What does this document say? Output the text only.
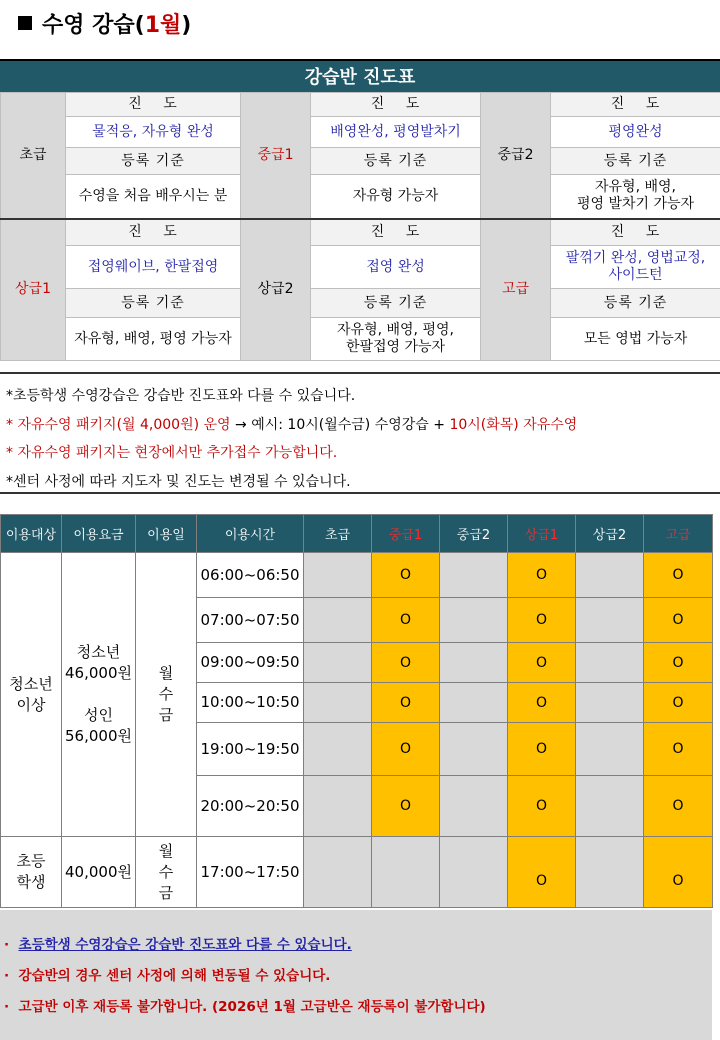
수영 강습(1월)
강습반 진도표
초급	진　 도	중급1	진　 도	중급2	진　 도
	물적응, 자유형 완성		배영완성, 평영발차기		평영완성
	등록 기준		등록 기준		등록 기준
	수영을 처음 배우시는 분		자유형 가능자		자유형, 배영,
평영 발차기 가능자
상급1	진　 도	상급2	진　 도	고급	진　 도
	접영웨이브, 한팔접영		접영 완성		팔꺾기 완성, 영법교정,
사이드턴
	등록 기준		등록 기준		등록 기준
	자유형, 배영, 평영 가능자		자유형, 배영, 평영,
한팔접영 가능자		모든 영법 가능자
*초등학생 수영강습은 강습반 진도표와 다를 수 있습니다.
* 자유수영 패키지(월 4,000원) 운영 → 예시: 10시(월수금) 수영강습 + 10시(화목) 자유수영
* 자유수영 패키지는 현장에서만 추가접수 가능합니다.
*센터 사정에 따라 지도자 및 진도는 변경될 수 있습니다.
이용대상	이용요금	이용일	이용시간	초급	중급1	중급2	상급1	상급2	고급
청소년
이상	청소년
46,000원

성인
56,000원	월
수
금	06:00~06:50		O		O		O
			07:00~07:50		O		O		O
			09:00~09:50		O		O		O
			10:00~10:50		O		O		O
			19:00~19:50		O		O		O
			20:00~20:50		O		O		O
초등
학생	40,000원	월
수
금	17:00~17:50				O		O
·  초등학생 수영강습은 강습반 진도표와 다를 수 있습니다.
·  강습반의 경우 센터 사정에 의해 변동될 수 있습니다.
·  고급반 이후 재등록 불가합니다. (2026년 1월 고급반은 재등록이 불가합니다)
